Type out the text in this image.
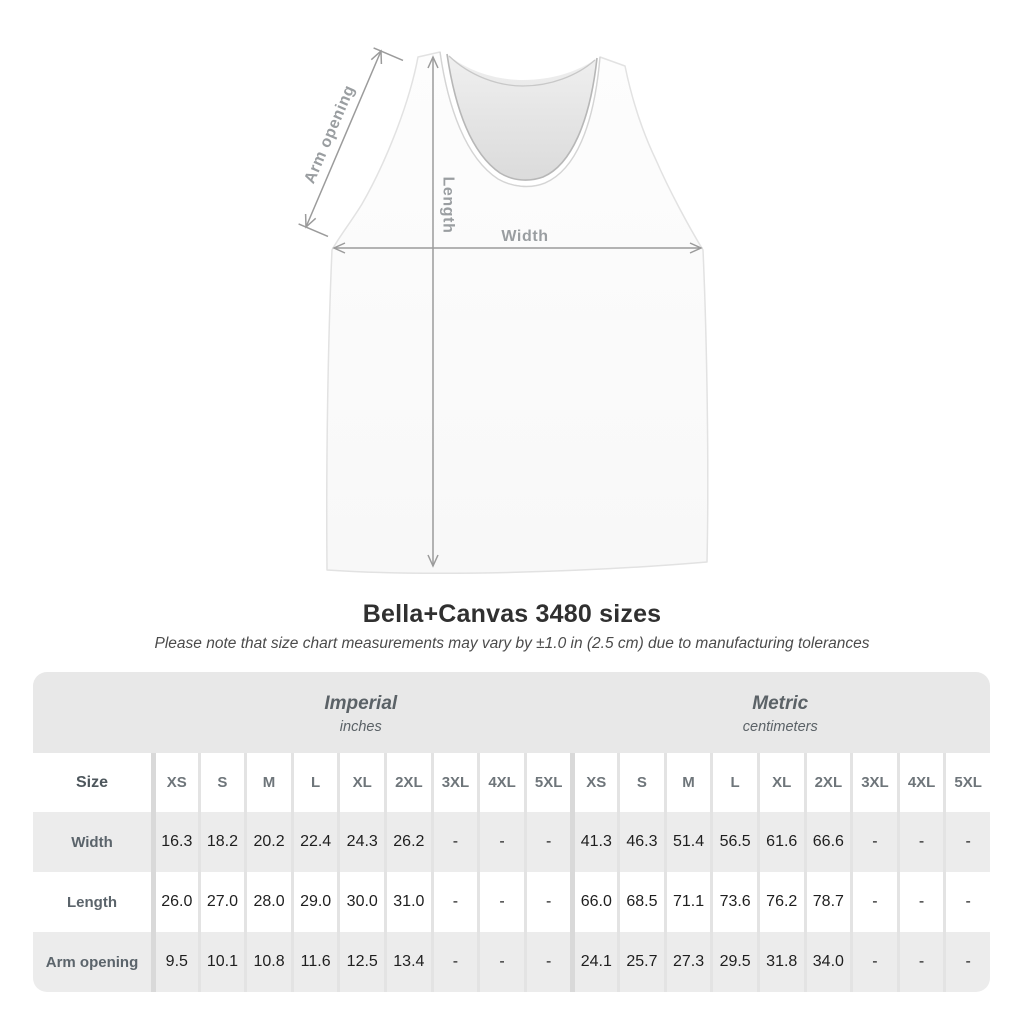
Width
Length
Arm opening
Bella+Canvas 3480 sizes
Please note that size chart measurements may vary by ±1.0 in (2.5 cm) due to manufacturing tolerances
Imperial
inches
Metric
centimeters
Size	XS S M L XL 2XL 3XL 4XL 5XL XS S M L XL 2XL 3XL 4XL 5XL
Width	16.3 18.2 20.2 22.4 24.3 26.2 -	-	- 41.3 46.3 51.4 56.5 61.6 66.6 -	-	-
Length	26.0 27.0 28.0 29.0 30.0 31.0 -	-	- 66.0 68.5 71.1 73.6 76.2 78.7 -	-	-
Arm opening 9.5 10.1 10.8 11.6 12.5 13.4 -	-	- 24.1 25.7 27.3 29.5 31.8 34.0 -	-	-
